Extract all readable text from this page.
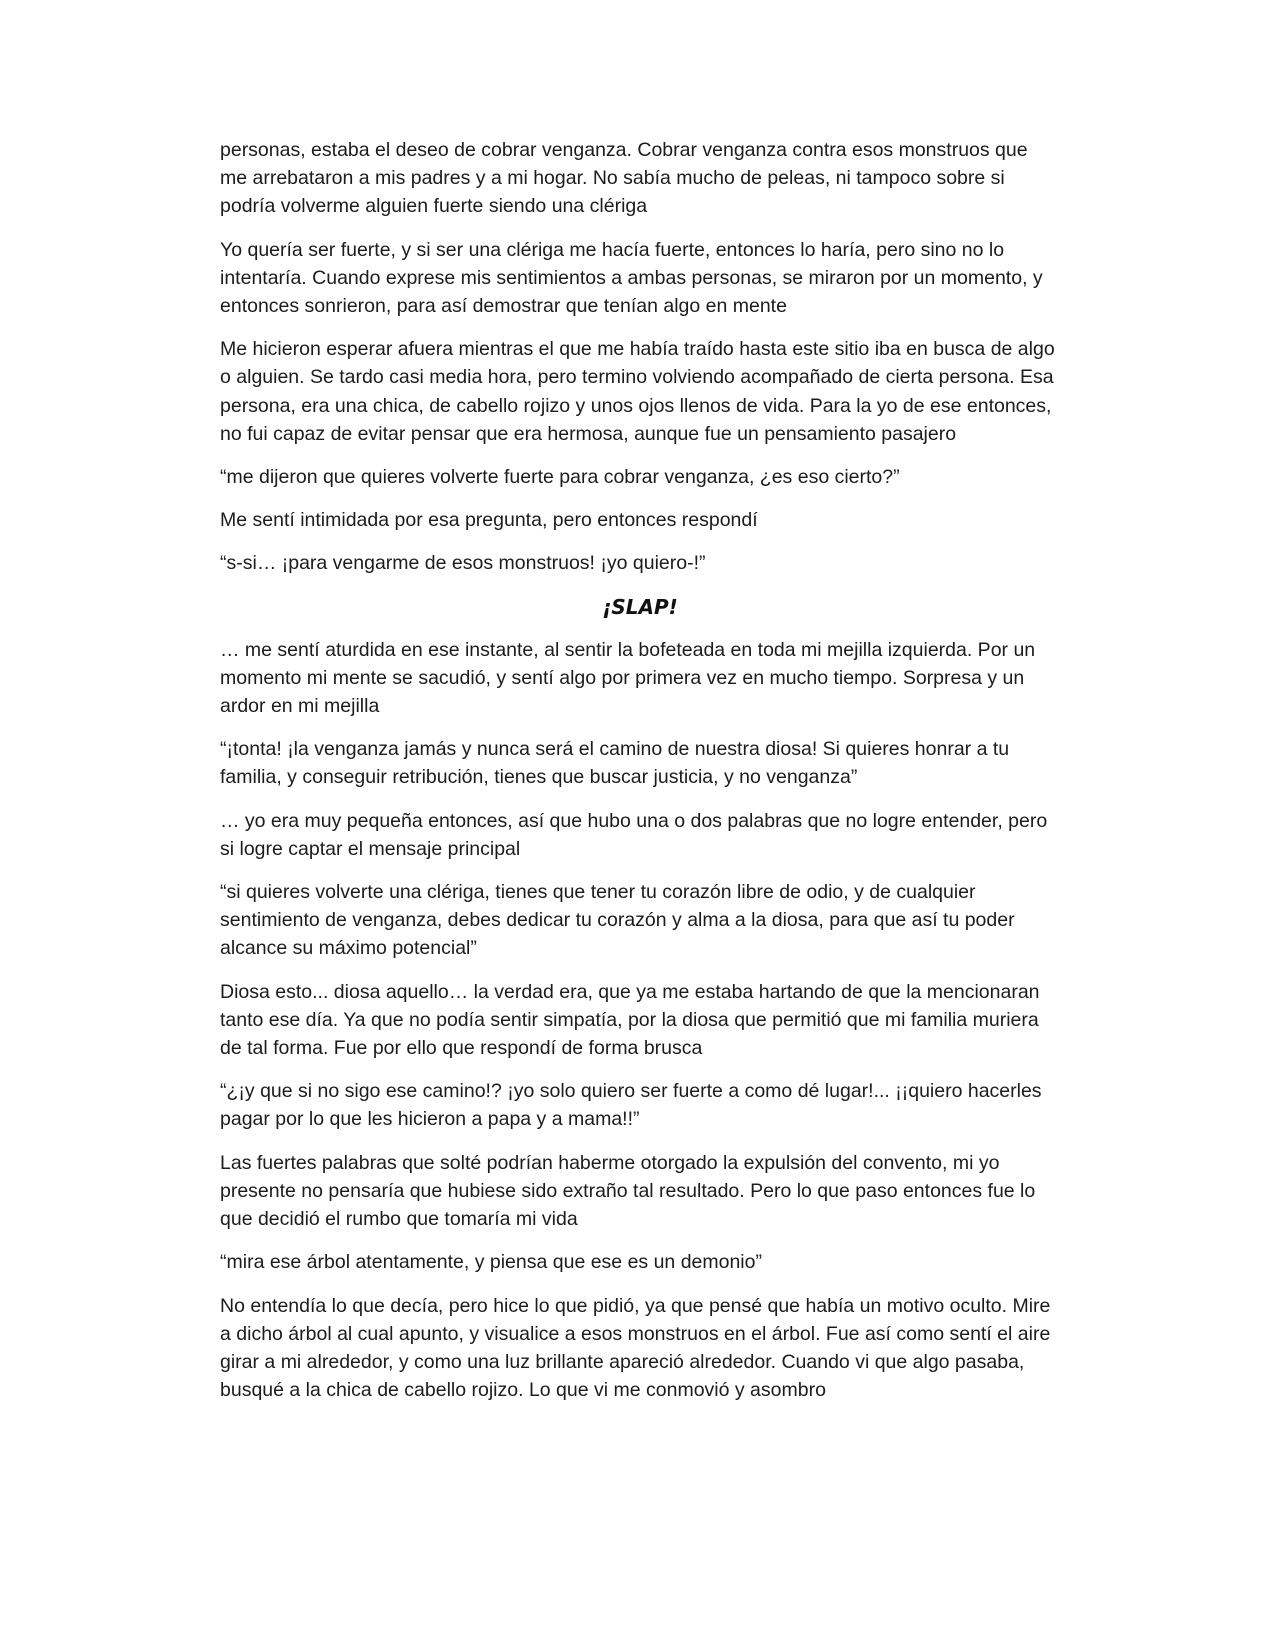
personas, estaba el deseo de cobrar venganza. Cobrar venganza contra esos monstruos que me arrebataron a mis padres y a mi hogar. No sabía mucho de peleas, ni tampoco sobre si podría volverme alguien fuerte siendo una clériga

Yo quería ser fuerte, y si ser una clériga me hacía fuerte, entonces lo haría, pero sino no lo intentaría. Cuando exprese mis sentimientos a ambas personas, se miraron por un momento, y entonces sonrieron, para así demostrar que tenían algo en mente

Me hicieron esperar afuera mientras el que me había traído hasta este sitio iba en busca de algo o alguien. Se tardo casi media hora, pero termino volviendo acompañado de cierta persona. Esa persona, era una chica, de cabello rojizo y unos ojos llenos de vida. Para la yo de ese entonces, no fui capaz de evitar pensar que era hermosa, aunque fue un pensamiento pasajero

“me dijeron que quieres volverte fuerte para cobrar venganza, ¿es eso cierto?”

Me sentí intimidada por esa pregunta, pero entonces respondí

“s-si… ¡para vengarme de esos monstruos! ¡yo quiero-!”

¡SLAP!

… me sentí aturdida en ese instante, al sentir la bofeteada en toda mi mejilla izquierda. Por un momento mi mente se sacudió, y sentí algo por primera vez en mucho tiempo. Sorpresa y un ardor en mi mejilla

“¡tonta! ¡la venganza jamás y nunca será el camino de nuestra diosa! Si quieres honrar a tu familia, y conseguir retribución, tienes que buscar justicia, y no venganza”

… yo era muy pequeña entonces, así que hubo una o dos palabras que no logre entender, pero si logre captar el mensaje principal

“si quieres volverte una clériga, tienes que tener tu corazón libre de odio, y de cualquier sentimiento de venganza, debes dedicar tu corazón y alma a la diosa, para que así tu poder alcance su máximo potencial”

Diosa esto... diosa aquello… la verdad era, que ya me estaba hartando de que la mencionaran tanto ese día. Ya que no podía sentir simpatía, por la diosa que permitió que mi familia muriera de tal forma. Fue por ello que respondí de forma brusca

“¿¡y que si no sigo ese camino!? ¡yo solo quiero ser fuerte a como dé lugar!... ¡¡quiero hacerles pagar por lo que les hicieron a papa y a mama!!”

Las fuertes palabras que solté podrían haberme otorgado la expulsión del convento, mi yo presente no pensaría que hubiese sido extraño tal resultado. Pero lo que paso entonces fue lo que decidió el rumbo que tomaría mi vida

“mira ese árbol atentamente, y piensa que ese es un demonio”

No entendía lo que decía, pero hice lo que pidió, ya que pensé que había un motivo oculto. Mire a dicho árbol al cual apunto, y visualice a esos monstruos en el árbol. Fue así como sentí el aire girar a mi alrededor, y como una luz brillante apareció alrededor. Cuando vi que algo pasaba, busqué a la chica de cabello rojizo. Lo que vi me conmovió y asombro
